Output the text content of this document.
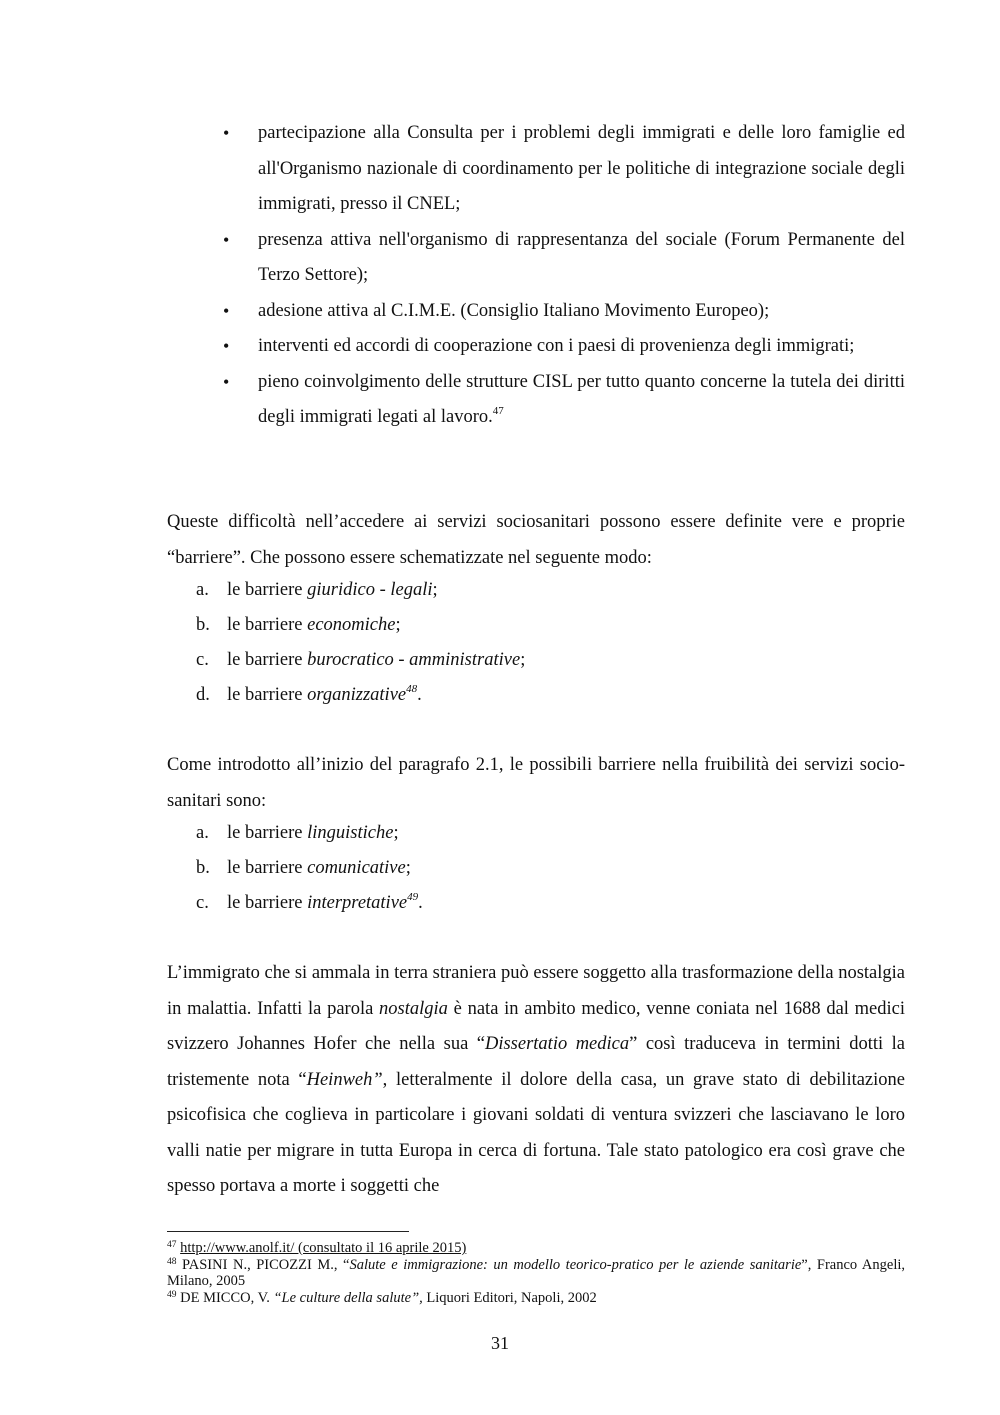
• partecipazione alla Consulta per i problemi degli immigrati e delle loro famiglie ed all'Organismo nazionale di coordinamento per le politiche di integrazione sociale degli immigrati, presso il CNEL;
• presenza attiva nell'organismo di rappresentanza del sociale (Forum Permanente del Terzo Settore);
• adesione attiva al C.I.M.E. (Consiglio Italiano Movimento Europeo);
• interventi ed accordi di cooperazione con i paesi di provenienza degli immigrati;
• pieno coinvolgimento delle strutture CISL per tutto quanto concerne la tutela dei diritti degli immigrati legati al lavoro.$^{47}$

Queste difficoltà nell’accedere ai servizi sociosanitari possono essere definite vere e proprie “barriere”. Che possono essere schematizzate nel seguente modo:

a. le barriere giuridico - legali;
b. le barriere economiche;
c. le barriere burocratico - amministrative;
d. le barriere organizzative$^{48}$.

Come introdotto all’inizio del paragrafo 2.1, le possibili barriere nella fruibilità dei servizi socio-sanitari sono:

a. le barriere linguistiche;
b. le barriere comunicative;
c. le barriere interpretative$^{49}$.

L’immigrato che si ammala in terra straniera può essere soggetto alla trasformazione della nostalgia in malattia. Infatti la parola nostalgia è nata in ambito medico, venne coniata nel 1688 dal medici svizzero Johannes Hofer che nella sua “Dissertatio medica” così traduceva in termini dotti la tristemente nota “Heinweh”, letteralmente il dolore della casa, un grave stato di debilitazione psicofisica che coglieva in particolare i giovani soldati di ventura svizzeri che lasciavano le loro valli natie per migrare in tutta Europa in cerca di fortuna. Tale stato patologico era così grave che spesso portava a morte i soggetti che

$^{47}$ http://www.anolf.it/ (consultato il 16 aprile 2015)

$^{48}$ PASINI N., PICOZZI M., “Salute e immigrazione: un modello teorico-pratico per le aziende sanitarie”, Franco Angeli, Milano, 2005

$^{49}$ DE MICCO, V. “Le culture della salute”, Liquori Editori, Napoli, 2002

31
